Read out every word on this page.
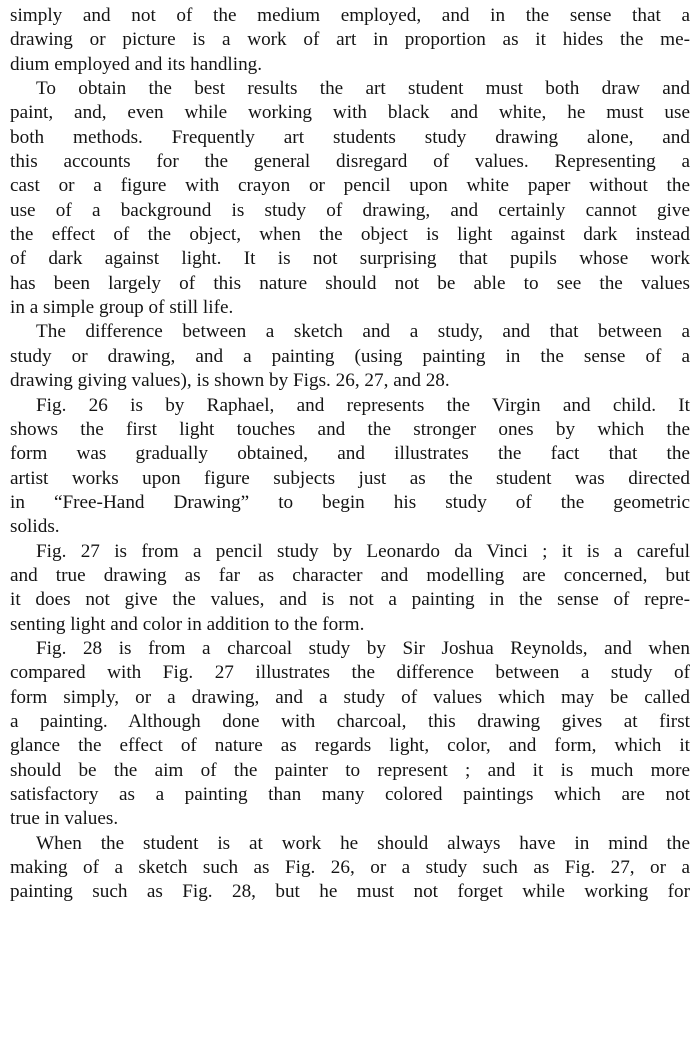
simply and not of the medium employed, and in the sense that a
drawing or picture is a work of art in proportion as it hides the me-
dium employed and its handling.
To obtain the best results the art student must both draw and
paint, and, even while working with black and white, he must use
both methods. Frequently art students study drawing alone, and
this accounts for the general disregard of values. Representing a
cast or a figure with crayon or pencil upon white paper without the
use of a background is study of drawing, and certainly cannot give
the effect of the object, when the object is light against dark instead
of dark against light. It is not surprising that pupils whose work
has been largely of this nature should not be able to see the values
in a simple group of still life.
The difference between a sketch and a study, and that between a
study or drawing, and a painting (using painting in the sense of a
drawing giving values), is shown by Figs. 26, 27, and 28.
Fig. 26 is by Raphael, and represents the Virgin and child. It
shows the first light touches and the stronger ones by which the
form was gradually obtained, and illustrates the fact that the
artist works upon figure subjects just as the student was directed
in “Free-Hand Drawing” to begin his study of the geometric
solids.
Fig. 27 is from a pencil study by Leonardo da Vinci ; it is a careful
and true drawing as far as character and modelling are concerned, but
it does not give the values, and is not a painting in the sense of repre-
senting light and color in addition to the form.
Fig. 28 is from a charcoal study by Sir Joshua Reynolds, and when
compared with Fig. 27 illustrates the difference between a study of
form simply, or a drawing, and a study of values which may be called
a painting. Although done with charcoal, this drawing gives at first
glance the effect of nature as regards light, color, and form, which it
should be the aim of the painter to represent ; and it is much more
satisfactory as a painting than many colored paintings which are not
true in values.
When the student is at work he should always have in mind the
making of a sketch such as Fig. 26, or a study such as Fig. 27, or a
painting such as Fig. 28, but he must not forget while working for
